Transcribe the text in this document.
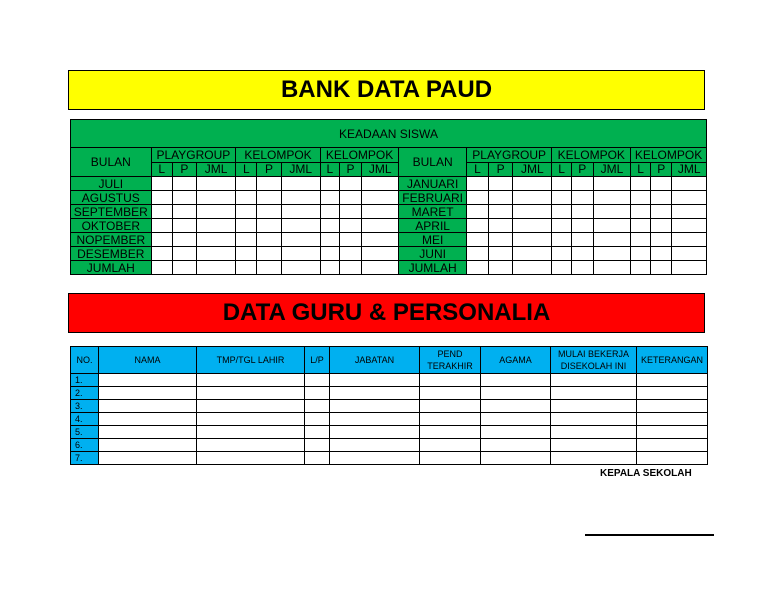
BANK DATA PAUD
KEADAAN SISWA																			
BULAN	PLAYGROUP			KELOMPOK			KELOMPOK			BULAN	PLAYGROUP			KELOMPOK			KELOMPOK		
	L	P	JML	L	P	JML	L	P	JML		L	P	JML	L	P	JML	L	P	JML
JULI										JANUARI									
AGUSTUS										FEBRUARI									
SEPTEMBER										MARET									
OKTOBER										APRIL									
NOPEMBER										MEI									
DESEMBER										JUNI									
JUMLAH										JUMLAH									
DATA GURU & PERSONALIA
NO.	NAMA	TMP/TGL LAHIR	L/P	JABATAN	PEND TERAKHIR	AGAMA	MULAI BEKERJA DISEKOLAH INI	KETERANGAN
1.								
2.								
3.								
4.								
5.								
6.								
7.								
KEPALA SEKOLAH
